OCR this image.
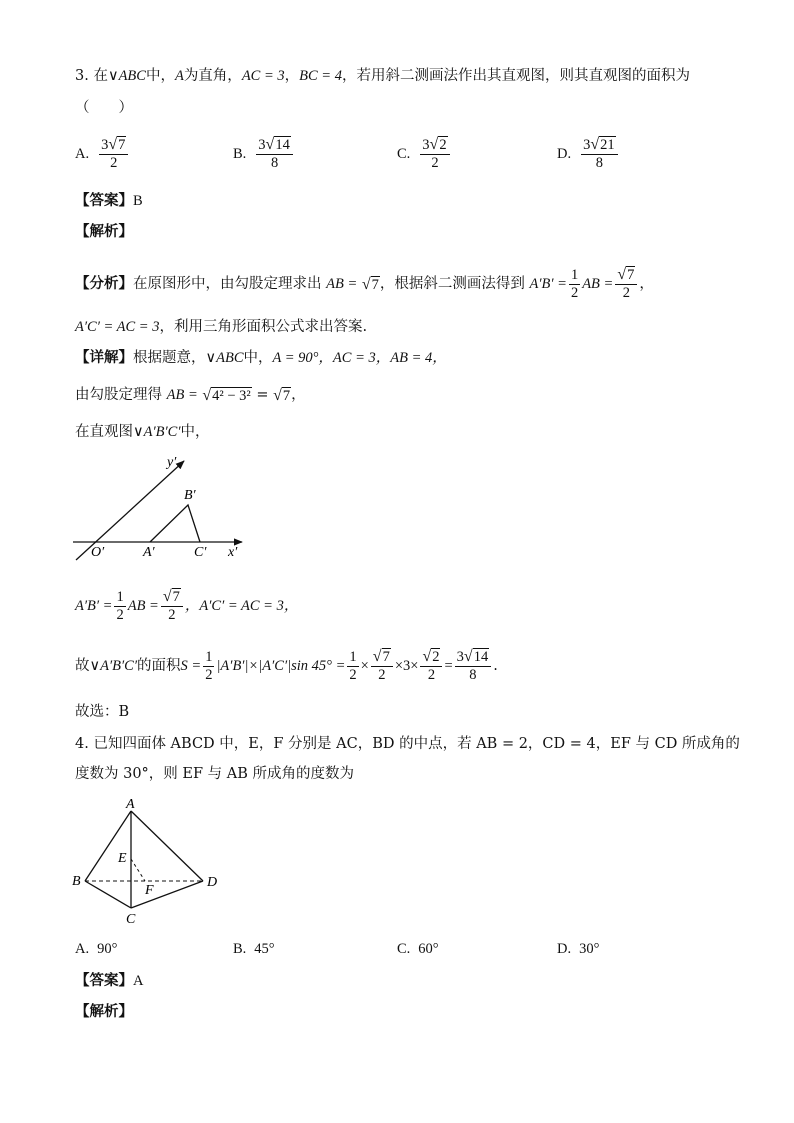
3. 在∨ABC中，A为直角，AC = 3，BC = 4，若用斜二测画法作出其直观图，则其直观图的面积为
（　　）
A. $\frac{3 √ 7}{2}$	B. $\frac{3 √ 14}{8}$	C. $\frac{3 √ 2}{2}$	D. $\frac{3 √ 21}{8}$
【答案】B
【解析】
【分析】 在原图形中，由勾股定理求出
AB =
√ 7 ，根据斜二测画法得到
$A'B' = \frac{1}{2}$ AB = $\frac{√ 7}{2}$ ，
A′C′ = AC = 3，利用三角形面积公式求出答案.
【详解】根据题意，∨ABC中，A = 90°，AC = 3，AB = 4，
由勾股定理得
AB =
√ 4² − 3²
=
√ 7 ，
在直观图∨A′B′C′中，
y′
B′
O′	A′	C′ x′
$A'B' = \frac{1}{2}$ AB = $\frac{√ 7}{2}$ ，A′C′ = AC = 3，
故 ∨A′B′C′ 的面积 $S = \frac{1}{2} |A'B'|\times|A'C'|\sin$ $45^\circ = \frac{1}{2} \times \frac{√ 7}{2} \times 3\times \frac{√ 2}{2} = \frac{3 √ 14}{8}$ .
故选：B
4. 已知四面体 ABCD 中，E，F 分别是 AC，BD 的中点，若 AB = 2，CD = 4，EF 与 CD 所成角的
度数为 30°，则 EF 与 AB 所成角的度数为
A
B
C
D
E
F
A. 90°	B. 45°	C. 60°	D. 30°
【答案】A
【解析】
